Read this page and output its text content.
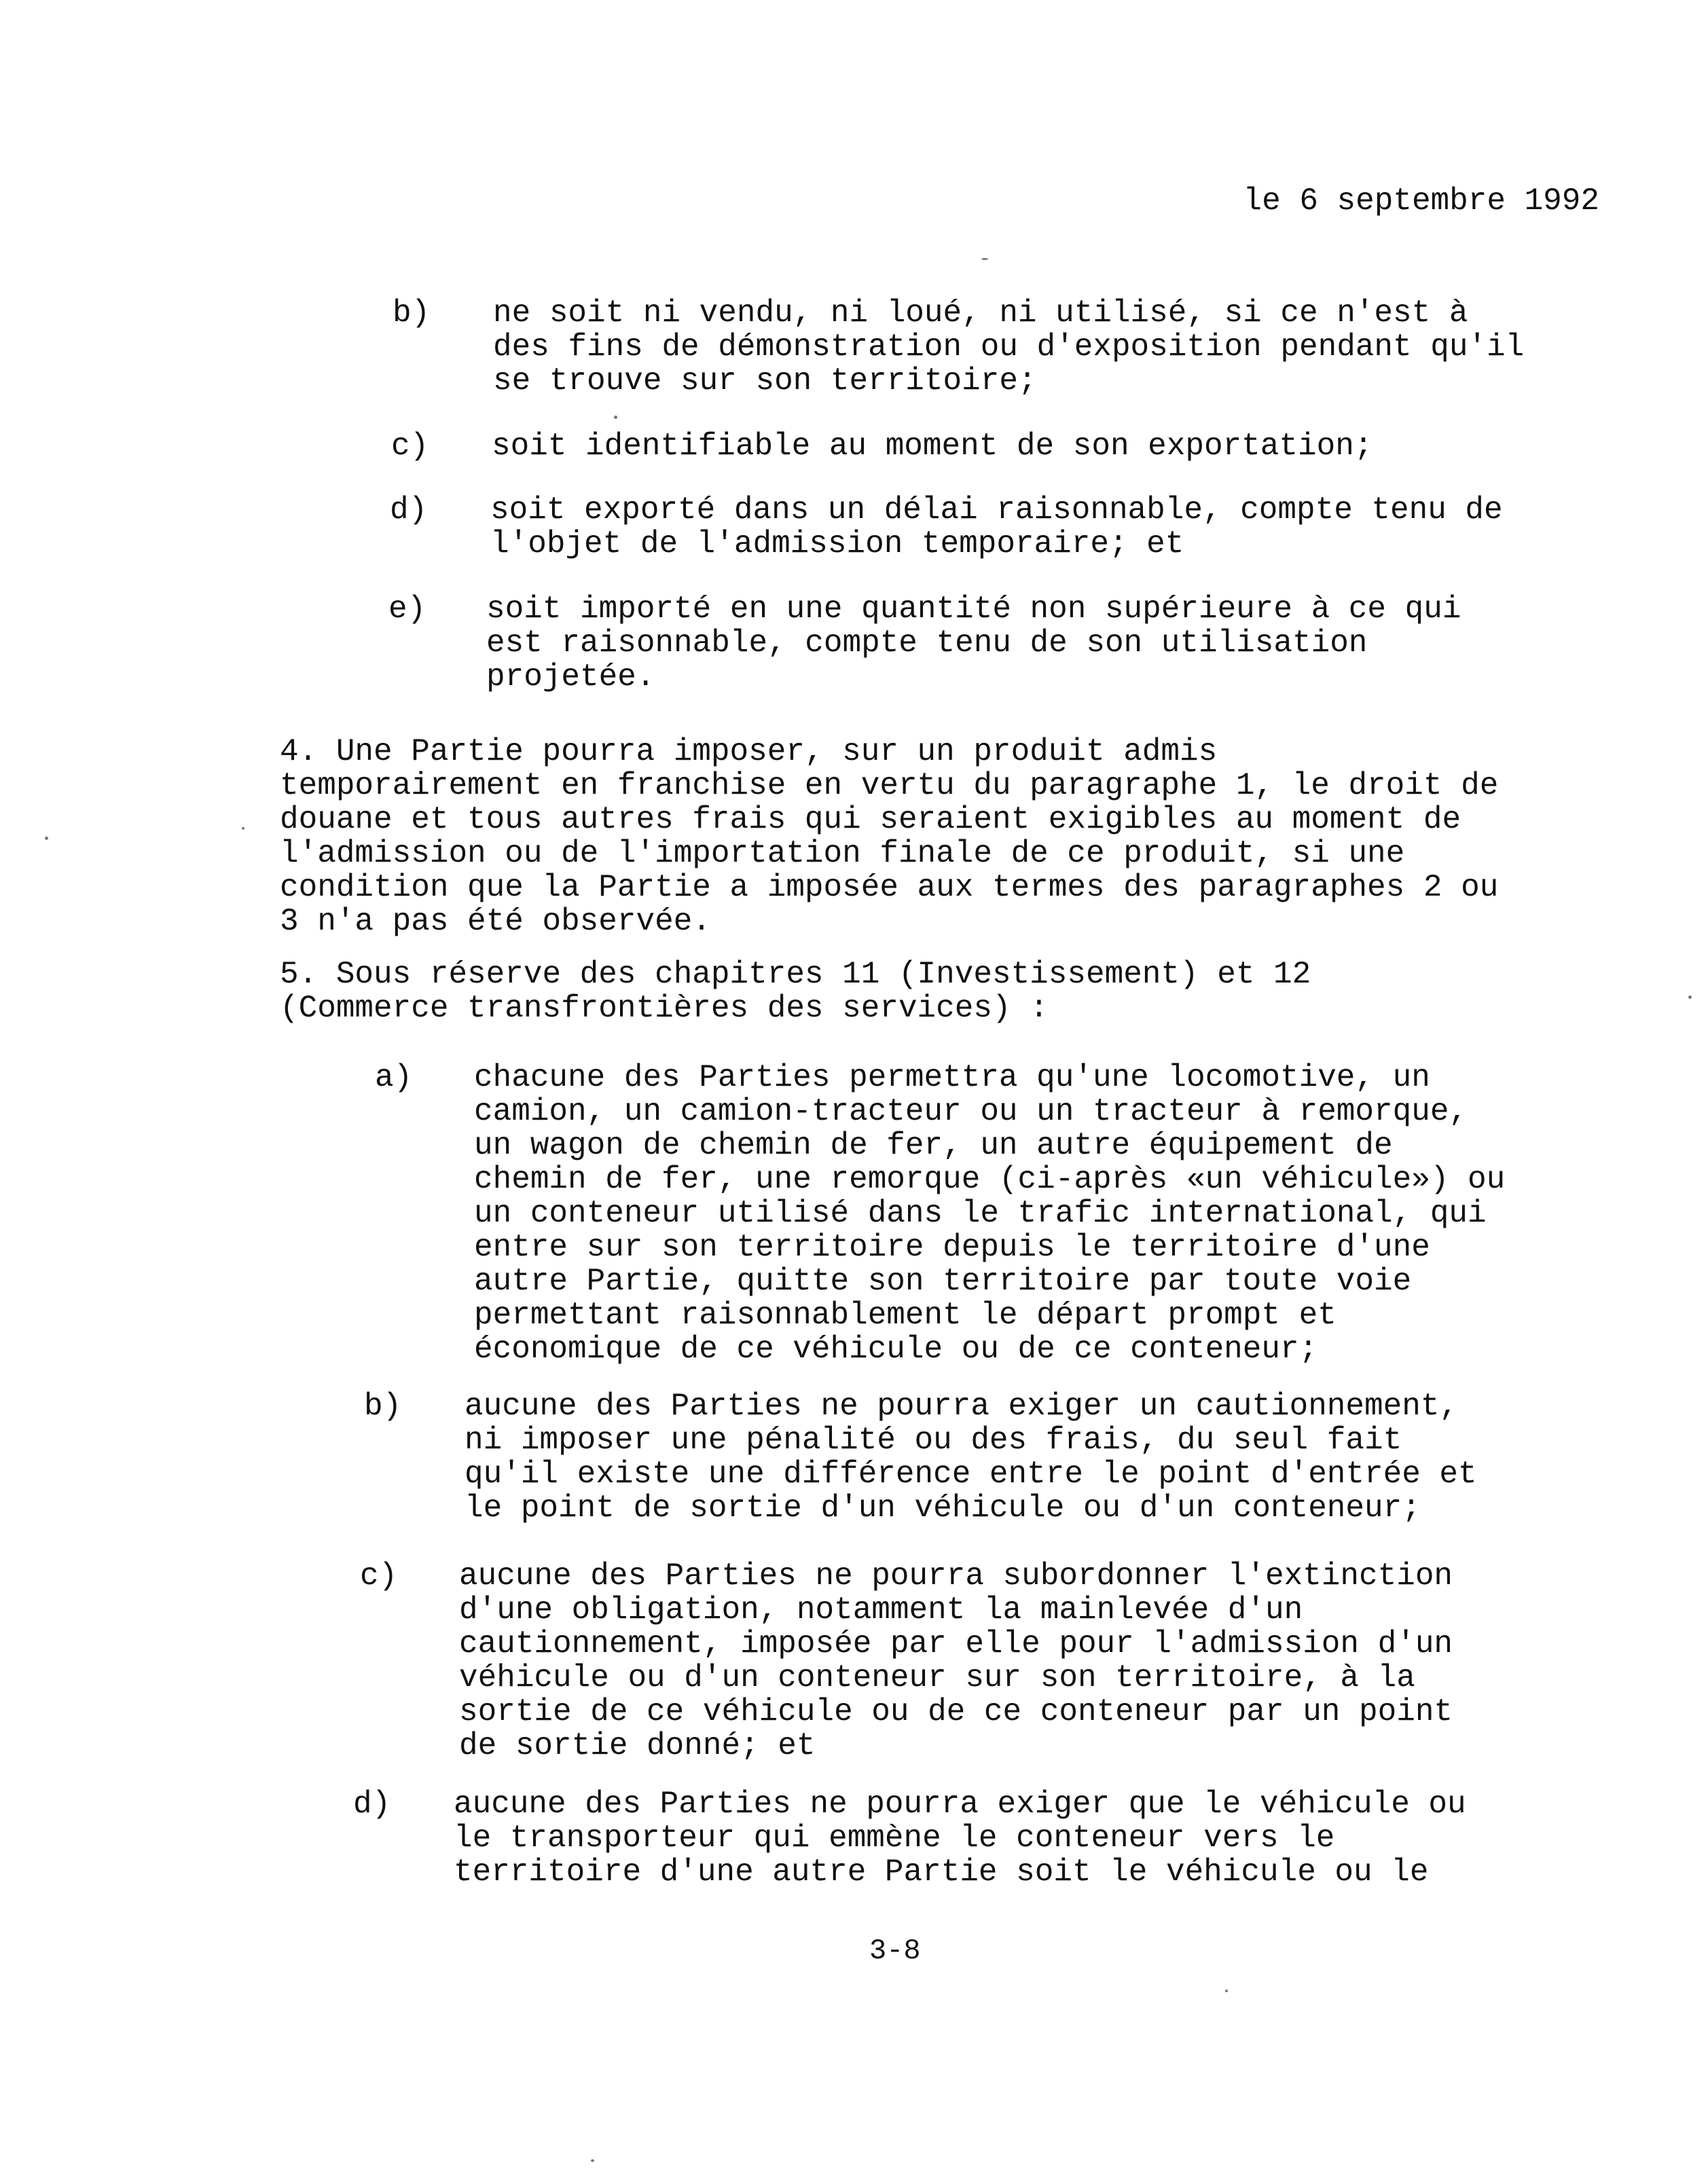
le 6 septembre 1992
b) ne soit ni vendu, ni loué, ni utilisé, si ce n'est à
des fins de démonstration ou d'exposition pendant qu'il
se trouve sur son territoire;
c) soit identifiable au moment de son exportation;
d) soit exporté dans un délai raisonnable, compte tenu de
l'objet de l'admission temporaire; et
e) soit importé en une quantité non supérieure à ce qui
est raisonnable, compte tenu de son utilisation
projetée.
4. Une Partie pourra imposer, sur un produit admis
temporairement en franchise en vertu du paragraphe 1, le droit de
douane et tous autres frais qui seraient exigibles au moment de
l'admission ou de l'importation finale de ce produit, si une
condition que la Partie a imposée aux termes des paragraphes 2 ou
3 n'a pas été observée.
5. Sous réserve des chapitres 11 (Investissement) et 12
(Commerce transfrontières des services) :
a) chacune des Parties permettra qu'une locomotive, un
camion, un camion-tracteur ou un tracteur à remorque,
un wagon de chemin de fer, un autre équipement de
chemin de fer, une remorque (ci-après «un véhicule») ou
un conteneur utilisé dans le trafic international, qui
entre sur son territoire depuis le territoire d'une
autre Partie, quitte son territoire par toute voie
permettant raisonnablement le départ prompt et
économique de ce véhicule ou de ce conteneur;
b) aucune des Parties ne pourra exiger un cautionnement,
ni imposer une pénalité ou des frais, du seul fait
qu'il existe une différence entre le point d'entrée et
le point de sortie d'un véhicule ou d'un conteneur;
c) aucune des Parties ne pourra subordonner l'extinction
d'une obligation, notamment la mainlevée d'un
cautionnement, imposée par elle pour l'admission d'un
véhicule ou d'un conteneur sur son territoire, à la
sortie de ce véhicule ou de ce conteneur par un point
de sortie donné; et
d) aucune des Parties ne pourra exiger que le véhicule ou
le transporteur qui emmène le conteneur vers le
territoire d'une autre Partie soit le véhicule ou le
3-8
